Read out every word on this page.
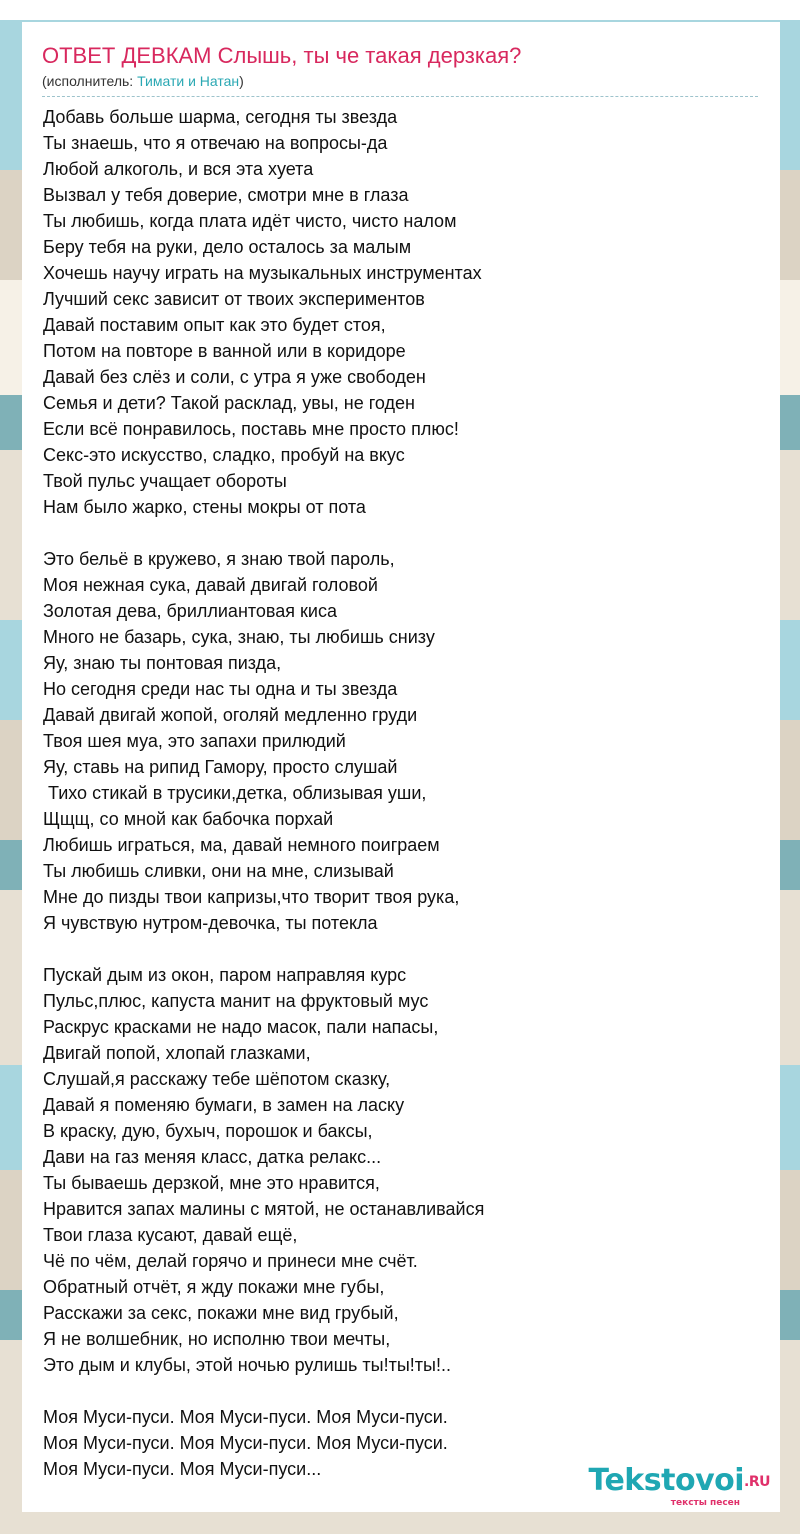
ОТВЕТ ДЕВКАМ Слышь, ты че такая дерзкая?
(исполнитель: Тимати и Натан)
Добавь больше шарма, сегодня ты звезда
Ты знаешь, что я отвечаю на вопросы-да
Любой алкоголь, и вся эта хуета
Вызвал у тебя доверие, смотри мне в глаза
Ты любишь, когда плата идёт чисто, чисто налом
Беру тебя на руки, дело осталось за малым
Хочешь научу играть на музыкальных инструментах
Лучший секс зависит от твоих экспериментов
Давай поставим опыт как это будет стоя,
Потом на повторе в ванной или в коридоре
Давай без слёз и соли, с утра я уже свободен
Семья и дети? Такой расклад, увы, не годен
Если всё понравилось, поставь мне просто плюс!
Секс-это искусство, сладко, пробуй на вкус
Твой пульс учащает обороты
Нам было жарко, стены мокры от пота
Это бельё в кружево, я знаю твой пароль,
Моя нежная сука, давай двигай головой
Золотая дева, бриллиантовая киса
Много не базарь, сука, знаю, ты любишь снизу
Яу, знаю ты понтовая пизда,
Но сегодня среди нас ты одна и ты звезда
Давай двигай жопой, оголяй медленно груди
Твоя шея муа, это запахи прилюдий
Яу, ставь на рипид Гамору, просто слушай
Тихо стикай в трусики,детка, облизывая уши,
Щщщ, со мной как бабочка порхай
Любишь играться, ма, давай немного поиграем
Ты любишь сливки, они на мне, слизывай
Мне до пизды твои капризы,что творит твоя рука,
Я чувствую нутром-девочка, ты потекла
Пускай дым из окон, паром направляя курс
Пульс,плюс, капуста манит на фруктовый мус
Раскрус красками не надо масок, пали напасы,
Двигай попой, хлопай глазками,
Слушай,я расскажу тебе шёпотом сказку,
Давай я поменяю бумаги, в замен на ласку
В краску, дую, бухыч, порошок и баксы,
Дави на газ меняя класс, датка релакс...
Ты бываешь дерзкой, мне это нравится,
Нравится запах малины с мятой, не останавливайся
Твои глаза кусают, давай ещё,
Чё по чём, делай горячо и принеси мне счёт.
Обратный отчёт, я жду покажи мне губы,
Расскажи за секс, покажи мне вид грубый,
Я не волшебник, но исполню твои мечты,
Это дым и клубы, этой ночью рулишь ты!ты!ты!..
Моя Муси-пуси. Моя Муси-пуси. Моя Муси-пуси.
Моя Муси-пуси. Моя Муси-пуси. Моя Муси-пуси.
Моя Муси-пуси. Моя Муси-пуси...	Tekstovoi.RU
тексты песен
